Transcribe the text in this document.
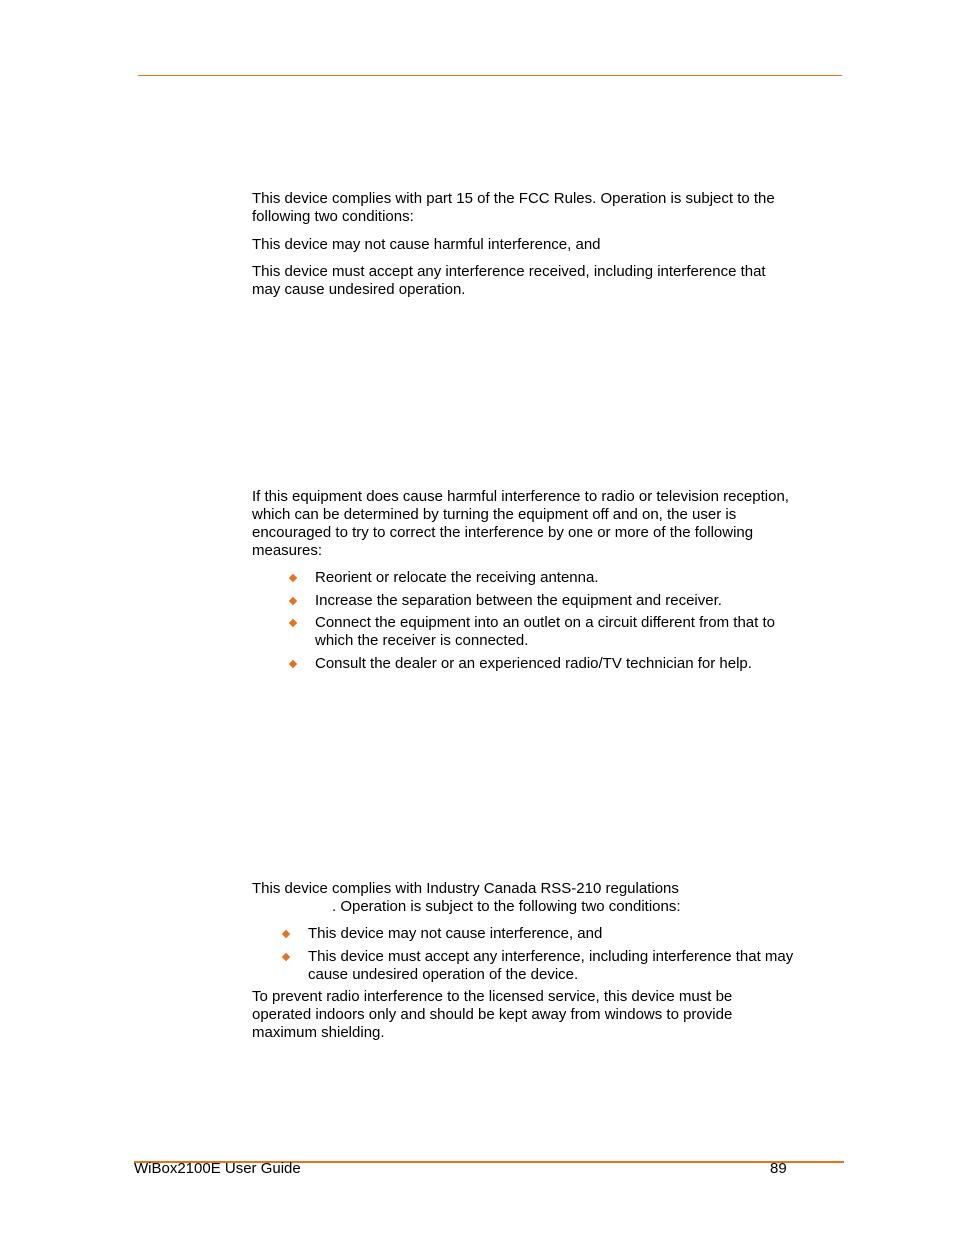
This device complies with part 15 of the FCC Rules. Operation is subject to the following two conditions:

This device may not cause harmful interference, and

This device must accept any interference received, including interference that may cause undesired operation.

If this equipment does cause harmful interference to radio or television reception, which can be determined by turning the equipment off and on, the user is encouraged to try to correct the interference by one or more of the following measures:

Reorient or relocate the receiving antenna.
Increase the separation between the equipment and receiver.
Connect the equipment into an outlet on a circuit different from that to which the receiver is connected.
Consult the dealer or an experienced radio/TV technician for help.

This device complies with Industry Canada RSS-210 regulations

. Operation is subject to the following two conditions:

This device may not cause interference, and
This device must accept any interference, including interference that may cause undesired operation of the device.

To prevent radio interference to the licensed service, this device must be operated indoors only and should be kept away from windows to provide maximum shielding.

WiBox2100E User Guide	89
